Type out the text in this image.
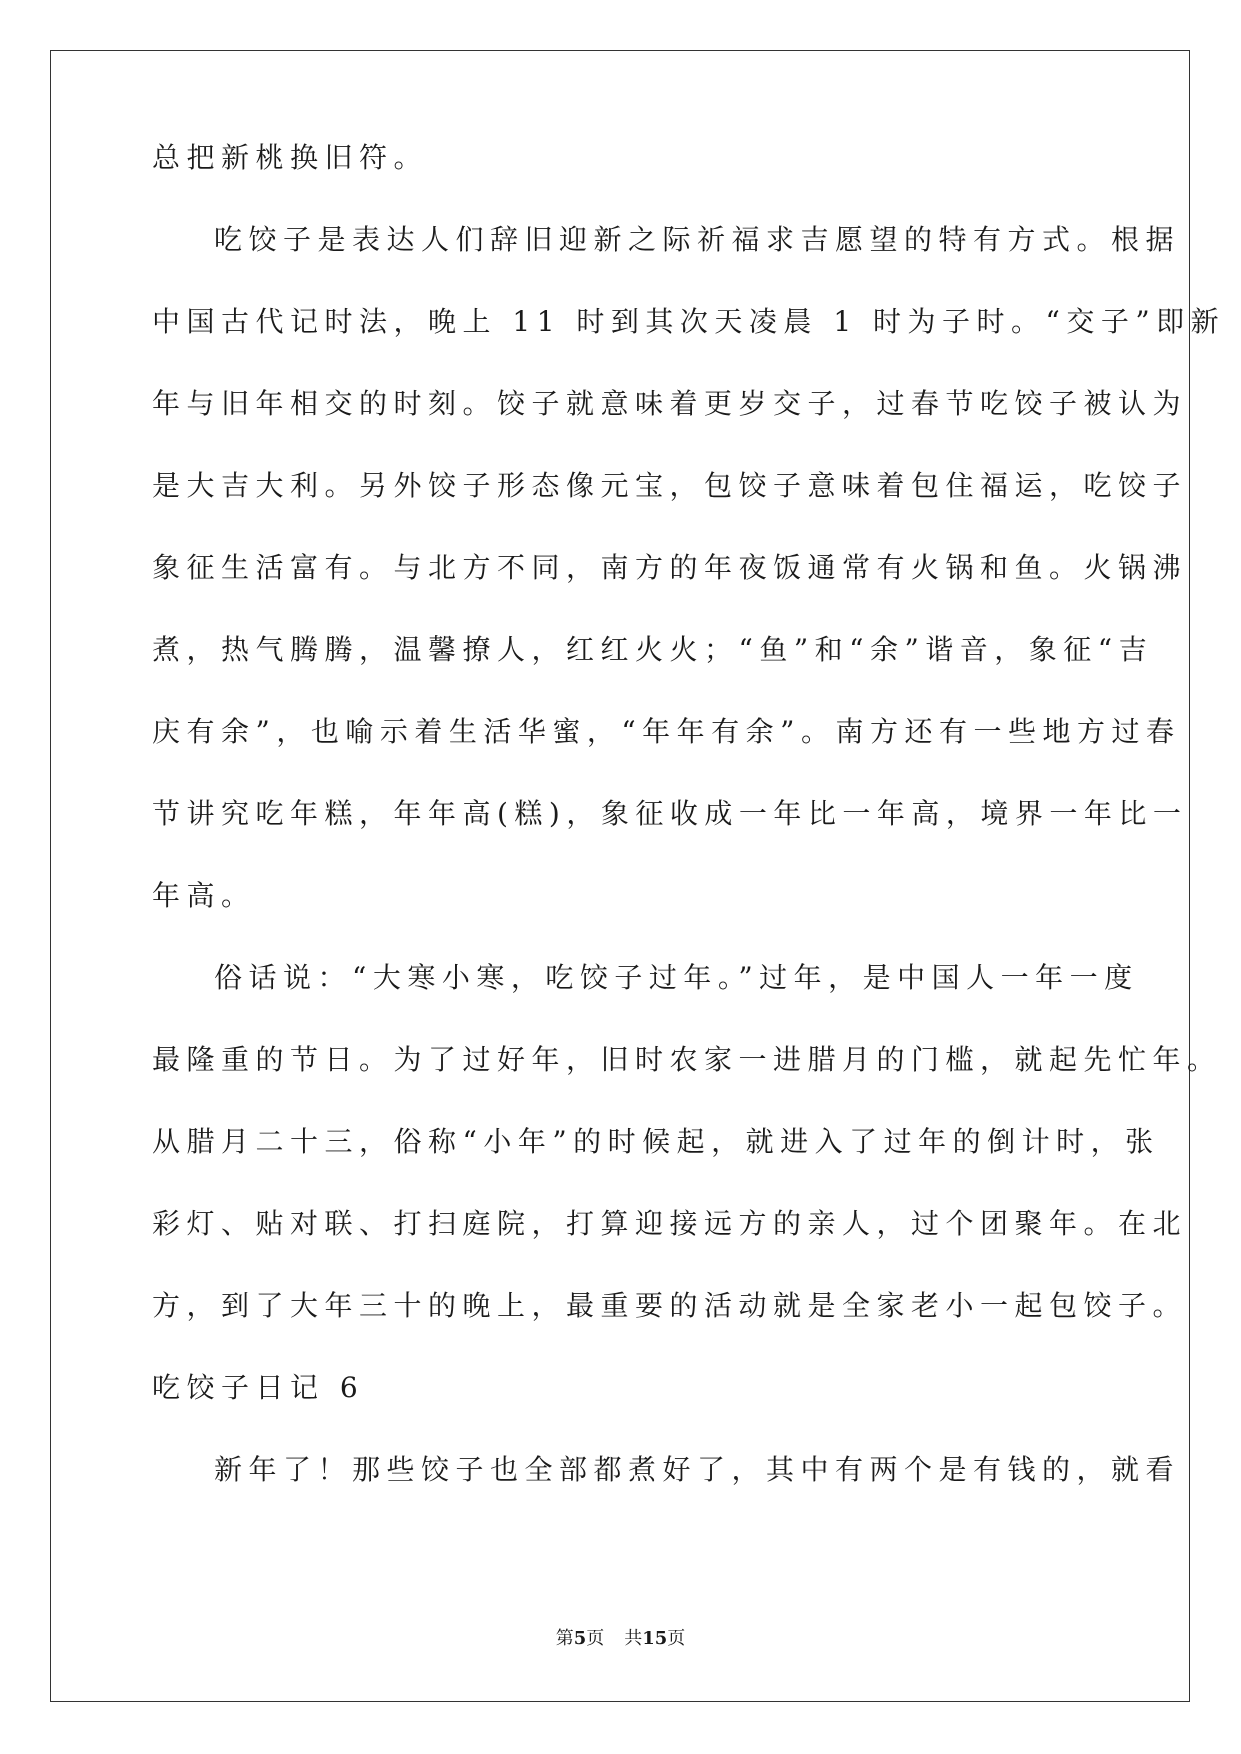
总把新桃换旧符。
吃饺子是表达人们辞旧迎新之际祈福求吉愿望的特有方式。根据
中国古代记时法，晚上 11 时到其次天凌晨 1 时为子时。“交子”即新
年与旧年相交的时刻。饺子就意味着更岁交子，过春节吃饺子被认为
是大吉大利。另外饺子形态像元宝，包饺子意味着包住福运，吃饺子
象征生活富有。与北方不同，南方的年夜饭通常有火锅和鱼。火锅沸
煮，热气腾腾，温馨撩人，红红火火；“鱼”和“余”谐音，象征“吉
庆有余”，也喻示着生活华蜜，“年年有余”。南方还有一些地方过春
节讲究吃年糕，年年高(糕)，象征收成一年比一年高，境界一年比一
年高。
俗话说：“大寒小寒，吃饺子过年。”过年，是中国人一年一度
最隆重的节日。为了过好年，旧时农家一进腊月的门槛，就起先忙年。
从腊月二十三，俗称“小年”的时候起，就进入了过年的倒计时，张
彩灯、贴对联、打扫庭院，打算迎接远方的亲人，过个团聚年。在北
方，到了大年三十的晚上，最重要的活动就是全家老小一起包饺子。
吃饺子日记 6
新年了！那些饺子也全部都煮好了，其中有两个是有钱的，就看
第5页 共15页
